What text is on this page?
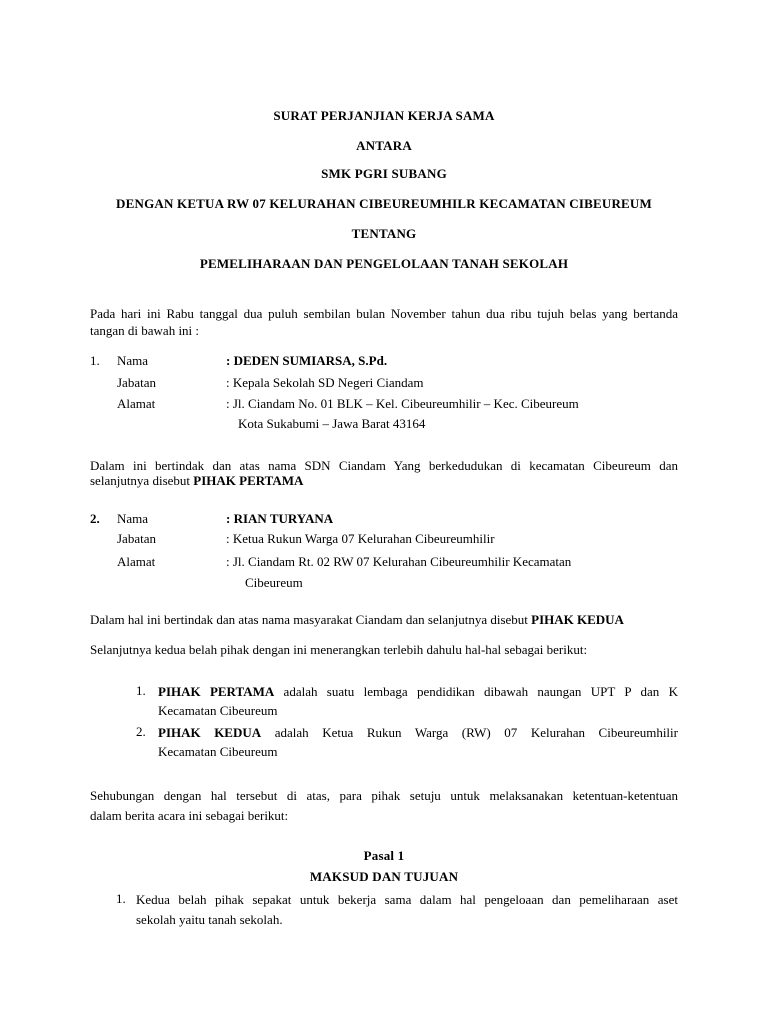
SURAT PERJANJIAN KERJA SAMA
ANTARA
SMK PGRI SUBANG
DENGAN KETUA RW 07 KELURAHAN CIBEUREUMHILR KECAMATAN CIBEUREUM
TENTANG
PEMELIHARAAN DAN PENGELOLAAN TANAH SEKOLAH
Pada hari ini Rabu tanggal dua puluh sembilan bulan November tahun dua ribu tujuh belas yang bertanda
tangan di bawah ini :
1. Nama	: DEDEN SUMIARSA, S.Pd.
Jabatan	: Kepala Sekolah SD Negeri Ciandam
Alamat	: Jl. Ciandam No. 01 BLK – Kel. Cibeureumhilir – Kec. Cibeureum
Kota Sukabumi – Jawa Barat 43164
Dalam ini bertindak dan atas nama SDN Ciandam Yang berkedudukan di kecamatan Cibeureum dan
selanjutnya disebut PIHAK PERTAMA
2. Nama	: RIAN TURYANA
Jabatan	: Ketua Rukun Warga 07 Kelurahan Cibeureumhilir
Alamat	: Jl. Ciandam Rt. 02 RW 07 Kelurahan Cibeureumhilir Kecamatan
Cibeureum
Dalam hal ini bertindak dan atas nama masyarakat Ciandam dan selanjutnya disebut PIHAK KEDUA
Selanjutnya kedua belah pihak dengan ini menerangkan terlebih dahulu hal-hal sebagai berikut:
1. PIHAK PERTAMA adalah suatu lembaga pendidikan dibawah naungan UPT P dan K
Kecamatan Cibeureum
2. PIHAK KEDUA adalah Ketua Rukun Warga (RW) 07 Kelurahan Cibeureumhilir
Kecamatan Cibeureum
Sehubungan dengan hal tersebut di atas, para pihak setuju untuk melaksanakan ketentuan-ketentuan
dalam berita acara ini sebagai berikut:
Pasal 1
MAKSUD DAN TUJUAN
1. Kedua belah pihak sepakat untuk bekerja sama dalam hal pengeloaan dan pemeliharaan aset
sekolah yaitu tanah sekolah.
